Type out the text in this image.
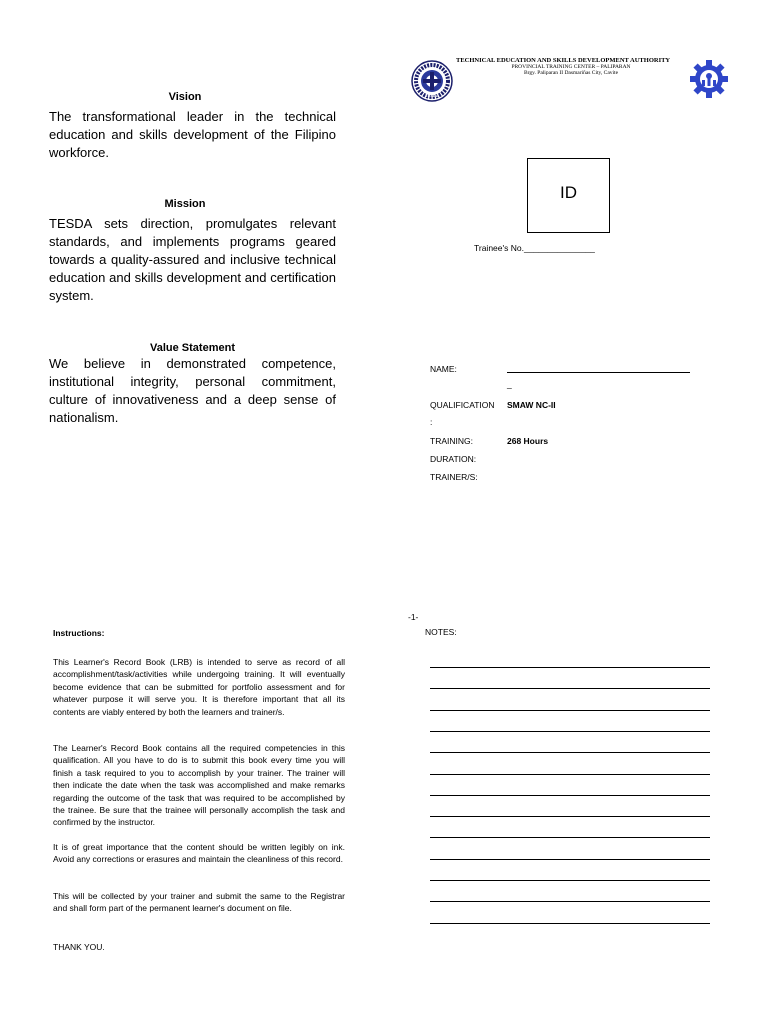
Vision
The transformational leader in the technical education and skills development of the Filipino workforce.
Mission
TESDA sets direction, promulgates relevant standards, and implements programs geared towards a quality-assured and inclusive technical education and skills development and certification system.
Value Statement
We believe in demonstrated competence, institutional integrity, personal commitment, culture of innovativeness and a deep sense of nationalism.
TESDA
TECHNICAL EDUCATION AND SKILLS DEVELOPMENT AUTHORITY
PROVINCIAL TRAINING CENTER – PALIPARAN
Brgy. Paliparan II Dasmariñas City, Cavite
ID
Trainee's No._______________
NAME:
_
QUALIFICATION SMAW NC-II
:
TRAINING:	268 Hours
DURATION:
TRAINER/S:
-1-
Instructions:
This Learner's Record Book (LRB) is intended to serve as record of all accomplishment/task/activities while undergoing training. It will eventually become evidence that can be submitted for portfolio assessment and for whatever purpose it will serve you. It is therefore important that all its contents are viably entered by both the learners and trainer/s.
The Learner's Record Book contains all the required competencies in this qualification. All you have to do is to submit this book every time you will finish a task required to you to accomplish by your trainer. The trainer will then indicate the date when the task was accomplished and make remarks regarding the outcome of the task that was required to be accomplished by the trainee. Be sure that the trainee will personally accomplish the task and confirmed by the instructor.
It is of great importance that the content should be written legibly on ink. Avoid any corrections or erasures and maintain the cleanliness of this record.
This will be collected by your trainer and submit the same to the Registrar and shall form part of the permanent learner's document on file.
THANK YOU.
NOTES:
